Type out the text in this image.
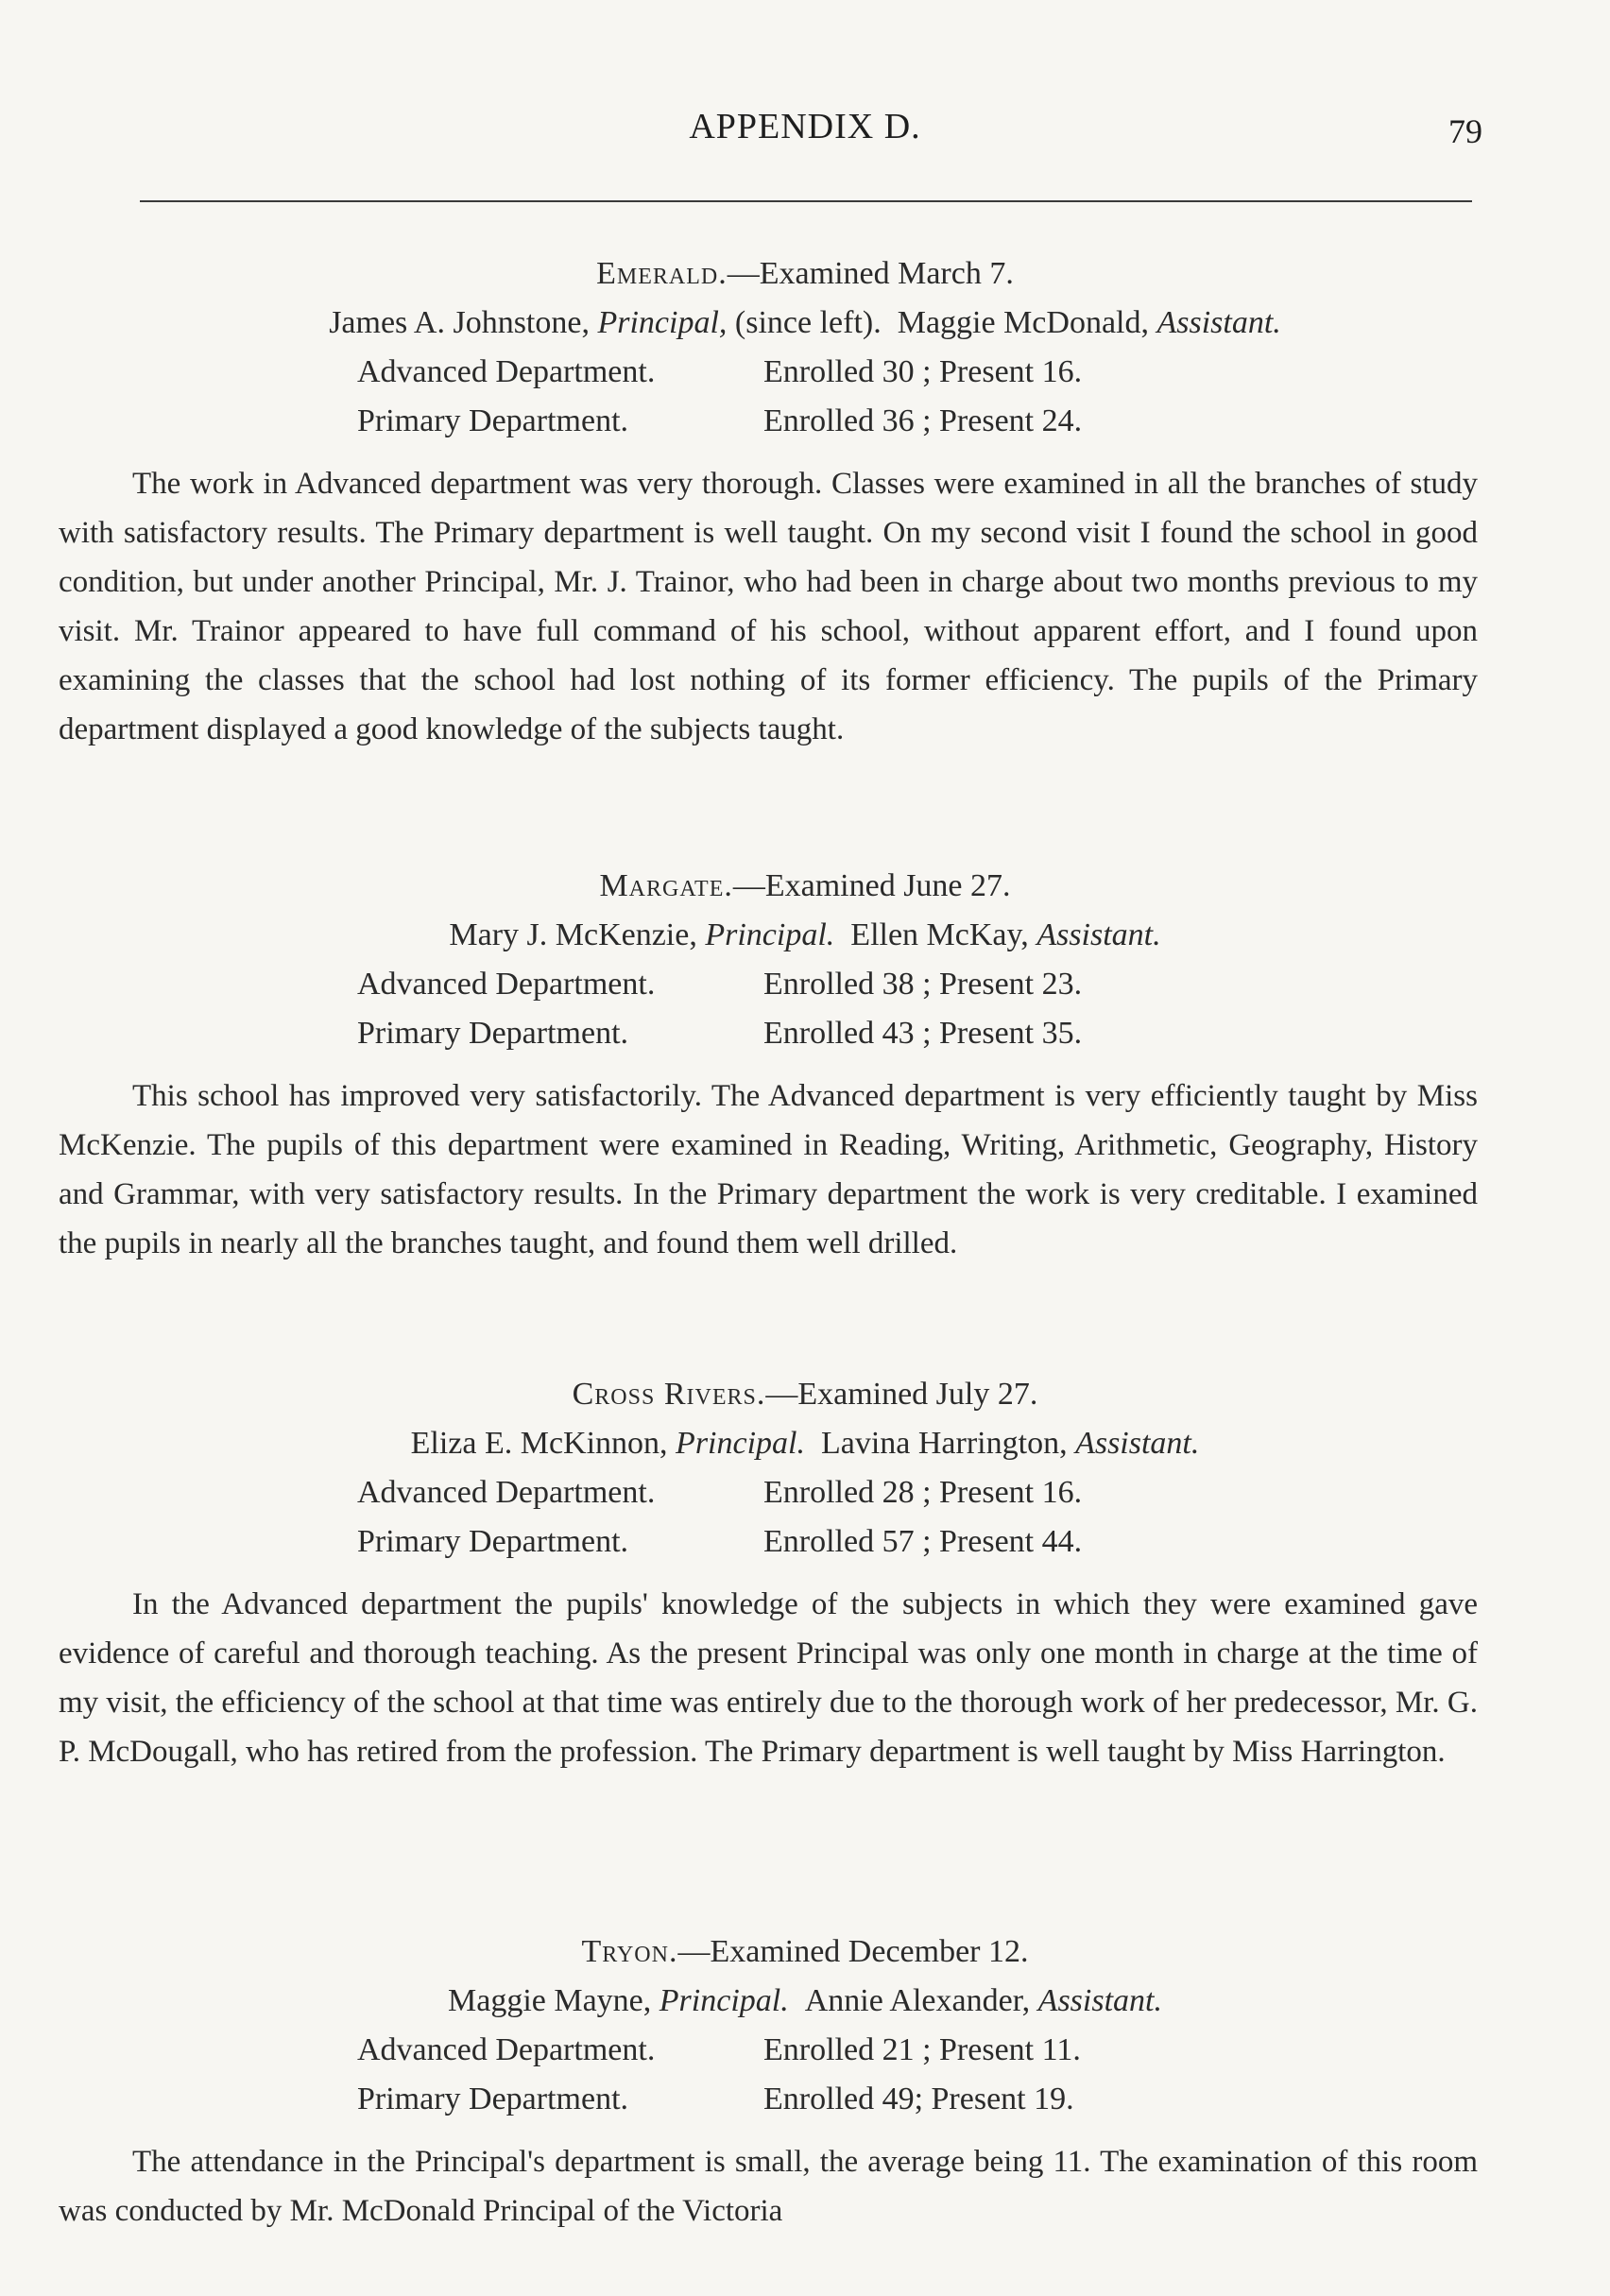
APPENDIX D.	79
Emerald.—Examined March 7.
James A. Johnstone, Principal, (since left). Maggie McDonald, Assistant.
Advanced Department.	Enrolled 30 ; Present 16.
Primary Department.	Enrolled 36 ; Present 24.

The work in Advanced department was very thorough. Classes were examined in all the branches of study with satisfactory results. The Primary department is well taught. On my second visit I found the school in good condition, but under another Principal, Mr. J. Trainor, who had been in charge about two months previous to my visit. Mr. Trainor appeared to have full command of his school, without apparent effort, and I found upon examining the classes that the school had lost nothing of its former efficiency. The pupils of the Primary department displayed a good knowledge of the subjects taught.

Margate.—Examined June 27.
Mary J. McKenzie, Principal. Ellen McKay, Assistant.
Advanced Department.	Enrolled 38 ; Present 23.
Primary Department.	Enrolled 43 ; Present 35.

This school has improved very satisfactorily. The Advanced department is very efficiently taught by Miss McKenzie. The pupils of this department were examined in Reading, Writing, Arithmetic, Geography, History and Grammar, with very satisfactory results. In the Primary department the work is very creditable. I examined the pupils in nearly all the branches taught, and found them well drilled.

Cross Rivers.—Examined July 27.
Eliza E. McKinnon, Principal. Lavina Harrington, Assistant.
Advanced Department.	Enrolled 28 ; Present 16.
Primary Department.	Enrolled 57 ; Present 44.

In the Advanced department the pupils' knowledge of the subjects in which they were examined gave evidence of careful and thorough teaching. As the present Principal was only one month in charge at the time of my visit, the efficiency of the school at that time was entirely due to the thorough work of her predecessor, Mr. G. P. McDougall, who has retired from the profession. The Primary department is well taught by Miss Harrington.

Tryon.—Examined December 12.
Maggie Mayne, Principal. Annie Alexander, Assistant.
Advanced Department.	Enrolled 21 ; Present 11.
Primary Department.	Enrolled 49; Present 19.

The attendance in the Principal's department is small, the average being 11. The examination of this room was conducted by Mr. McDonald Principal of the Victoria
